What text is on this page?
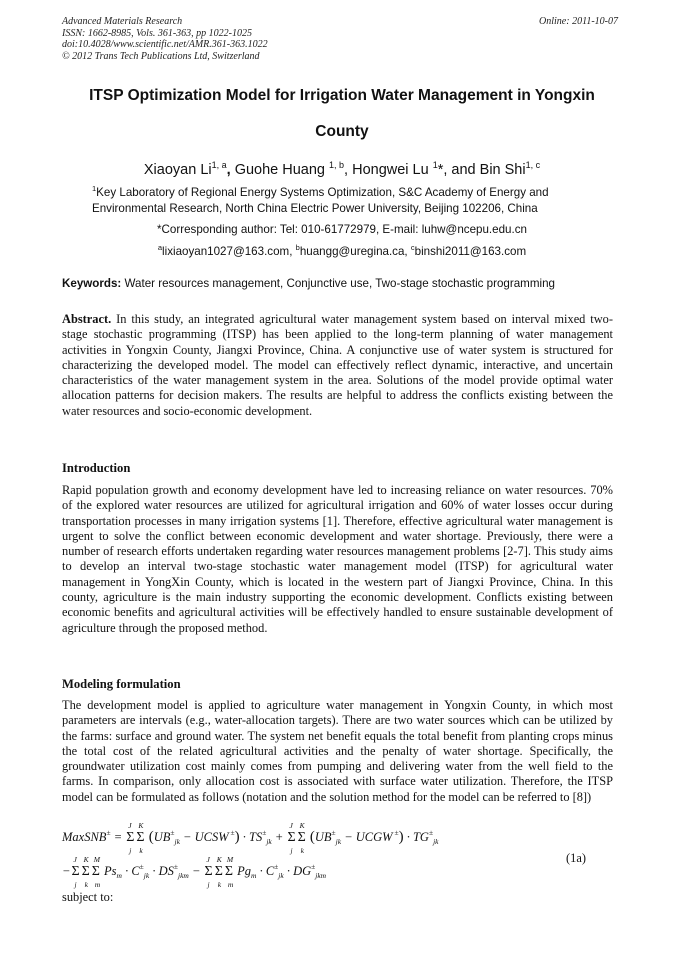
Advanced Materials Research
ISSN: 1662-8985, Vols. 361-363, pp 1022-1025
doi:10.4028/www.scientific.net/AMR.361-363.1022
© 2012 Trans Tech Publications Ltd, Switzerland
Online: 2011-10-07
ITSP Optimization Model for Irrigation Water Management in Yongxin
County
Xiaoyan Li$^{1, a}$, Guohe Huang $^{1, b}$, Hongwei Lu $^1$*, and Bin Shi$^{1, c}$
$^1$Key Laboratory of Regional Energy Systems Optimization, S&C Academy of Energy and Environmental Research, North China Electric Power University, Beijing 102206, China
*Corresponding author: Tel: 010-61772979, E-mail: luhw@ncepu.edu.cn
$^a$lixiaoyan1027@163.com, $^b$huangg@uregina.ca, $^c$binshi2011@163.com
Keywords: Water resources management, Conjunctive use, Two-stage stochastic programming
Abstract. In this study, an integrated agricultural water management system based on interval mixed two-stage stochastic programming (ITSP) has been applied to the long-term planning of water management activities in Yongxin County, Jiangxi Province, China. A conjunctive use of water system is structured for characterizing the developed model. The model can effectively reflect dynamic, interactive, and uncertain characteristics of the water management system in the area. Solutions of the model provide optimal water allocation patterns for decision makers. The results are helpful to address the conflicts existing between the water resources and socio-economic development.
Introduction
Rapid population growth and economy development have led to increasing reliance on water resources. 70% of the explored water resources are utilized for agricultural irrigation and 60% of water losses occur during transportation processes in many irrigation systems [1]. Therefore, effective agricultural water management is urgent to solve the conflict between economic development and water shortage. Previously, there were a number of research efforts undertaken regarding water resources management problems [2-7]. This study aims to develop an interval two-stage stochastic water management model (ITSP) for agricultural water management in YongXin County, which is located in the western part of Jiangxi Province, China. In this county, agriculture is the main industry supporting the economic development. Conflicts existing between economic benefits and agricultural activities will be effectively handled to ensure sustainable development of agriculture through the proposed method.
Modeling formulation
The development model is applied to agriculture water management in Yongxin County, in which most parameters are intervals (e.g., water-allocation targets). There are two water sources which can be utilized by the farms: surface and ground water. The system net benefit equals the total benefit from planting crops minus the total cost of the related agricultural activities and the penalty of water shortage. Specifically, the groundwater utilization cost mainly comes from pumping and delivering water from the well field to the farms. In comparison, only allocation cost is associated with surface water utilization. Therefore, the ITSP model can be formulated as follows (notation and the solution method for the model can be referred to [8])
MaxSNB± = Σ
J
j
Σ
K
k
($UB^\pm_{jk}$ − UCSW $^\pm) \cdot TS^\pm_{jk} + \Sigma$
J
j
Σ
K
k
($UB^\pm_{jk}$ − UCGW $^\pm) \cdot TG^\pm_{jk}$
−Σ
J
j
Σ
K
k
Σ
M
m
$Ps_m \cdot C^\pm_{jk} \cdot DS^\pm_{jkm} - \Sigma$
J
j
Σ
K
k
Σ
M
m
$Pg_m \cdot C^\pm_{jk} \cdot DG^\pm_{jkm}$
(1a)
subject to:
